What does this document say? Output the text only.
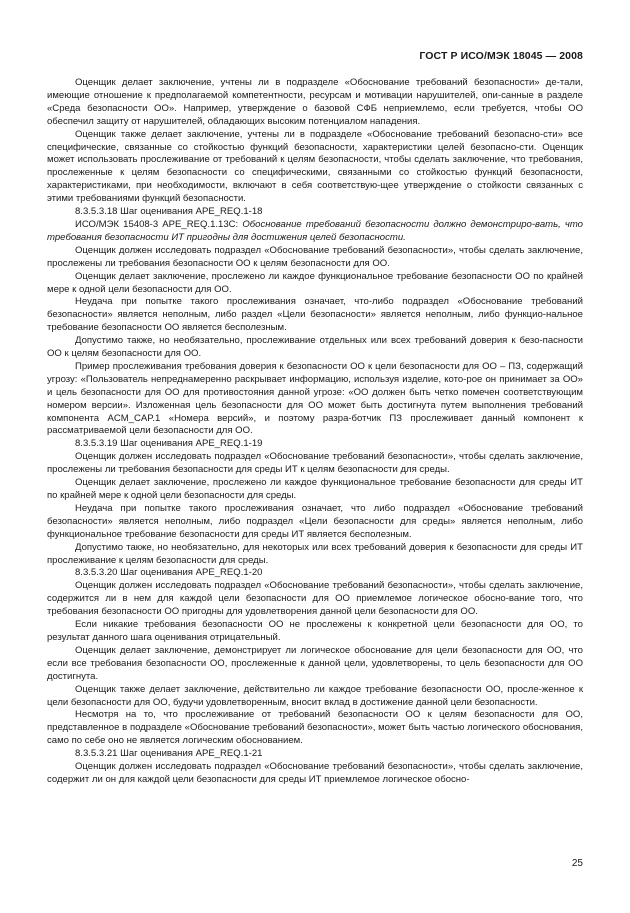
ГОСТ Р ИСО/МЭК 18045 — 2008

Оценщик делает заключение, учтены ли в подразделе «Обоснование требований безопасности» де-тали, имеющие отношение к предполагаемой компетентности, ресурсам и мотивации нарушителей, опи-санные в разделе «Среда безопасности ОО». Например, утверждение о базовой СФБ неприемлемо, если требуется, чтобы ОО обеспечил защиту от нарушителей, обладающих высоким потенциалом нападения.

Оценщик также делает заключение, учтены ли в подразделе «Обоснование требований безопасно-сти» все специфические, связанные со стойкостью функций безопасности, характеристики целей безопасно-сти. Оценщик может использовать прослеживание от требований к целям безопасности, чтобы сделать заключение, что требования, прослеженные к целям безопасности со специфическими, связанными со стойкостью функций безопасности, характеристиками, при необходимости, включают в себя соответствую-щее утверждение о стойкости связанных с этими требованиями функций безопасности.

8.3.5.3.18 Шаг оценивания APE_REQ.1-18

ИСО/МЭК 15408-3 APE_REQ.1.13C: Обоснование требований безопасности должно демонстриро-вать, что требования безопасности ИТ пригодны для достижения целей безопасности.

Оценщик должен исследовать подраздел «Обоснование требований безопасности», чтобы сделать заключение, прослежены ли требования безопасности ОО к целям безопасности для ОО.

Оценщик делает заключение, прослежено ли каждое функциональное требование безопасности ОО по крайней мере к одной цели безопасности для ОО.

Неудача при попытке такого прослеживания означает, что-либо подраздел «Обоснование требований безопасности» является неполным, либо раздел «Цели безопасности» является неполным, либо функцио-нальное требование безопасности ОО является бесполезным.

Допустимо также, но необязательно, прослеживание отдельных или всех требований доверия к безо-пасности ОО к целям безопасности для ОО.

Пример прослеживания требования доверия к безопасности ОО к цели безопасности для ОО – ПЗ, содержащий угрозу: «Пользователь непреднамеренно раскрывает информацию, используя изделие, кото-рое он принимает за ОО» и цель безопасности для ОО для противостояния данной угрозе: «ОО должен быть четко помечен соответствующим номером версии». Изложенная цель безопасности для ОО может быть достигнута путем выполнения требований компонента ACM_CAP.1 «Номера версий», и поэтому разра-ботчик ПЗ прослеживает данный компонент к рассматриваемой цели безопасности для ОО.

8.3.5.3.19 Шаг оценивания APE_REQ.1-19

Оценщик должен исследовать подраздел «Обоснование требований безопасности», чтобы сделать заключение, прослежены ли требования безопасности для среды ИТ к целям безопасности для среды.

Оценщик делает заключение, прослежено ли каждое функциональное требование безопасности для среды ИТ по крайней мере к одной цели безопасности для среды.

Неудача при попытке такого прослеживания означает, что либо подраздел «Обоснование требований безопасности» является неполным, либо подраздел «Цели безопасности для среды» является неполным, либо функциональное требование безопасности для среды ИТ является бесполезным.

Допустимо также, но необязательно, для некоторых или всех требований доверия к безопасности для среды ИТ прослеживание к целям безопасности для среды.

8.3.5.3.20 Шаг оценивания APE_REQ.1-20

Оценщик должен исследовать подраздел «Обоснование требований безопасности», чтобы сделать заключение, содержится ли в нем для каждой цели безопасности для ОО приемлемое логическое обосно-вание того, что требования безопасности ОО пригодны для удовлетворения данной цели безопасности для ОО.

Если никакие требования безопасности ОО не прослежены к конкретной цели безопасности для ОО, то результат данного шага оценивания отрицательный.

Оценщик делает заключение, демонстрирует ли логическое обоснование для цели безопасности для ОО, что если все требования безопасности ОО, прослеженные к данной цели, удовлетворены, то цель безопасности для ОО достигнута.

Оценщик также делает заключение, действительно ли каждое требование безопасности ОО, просле-женное к цели безопасности для ОО, будучи удовлетворенным, вносит вклад в достижение данной цели безопасности.

Несмотря на то, что прослеживание от требований безопасности ОО к целям безопасности для ОО, представленное в подразделе «Обоснование требований безопасности», может быть частью логического обоснования, само по себе оно не является логическим обоснованием.

8.3.5.3.21 Шаг оценивания APE_REQ.1-21

Оценщик должен исследовать подраздел «Обоснование требований безопасности», чтобы сделать заключение, содержит ли он для каждой цели безопасности для среды ИТ приемлемое логическое обосно-

25
